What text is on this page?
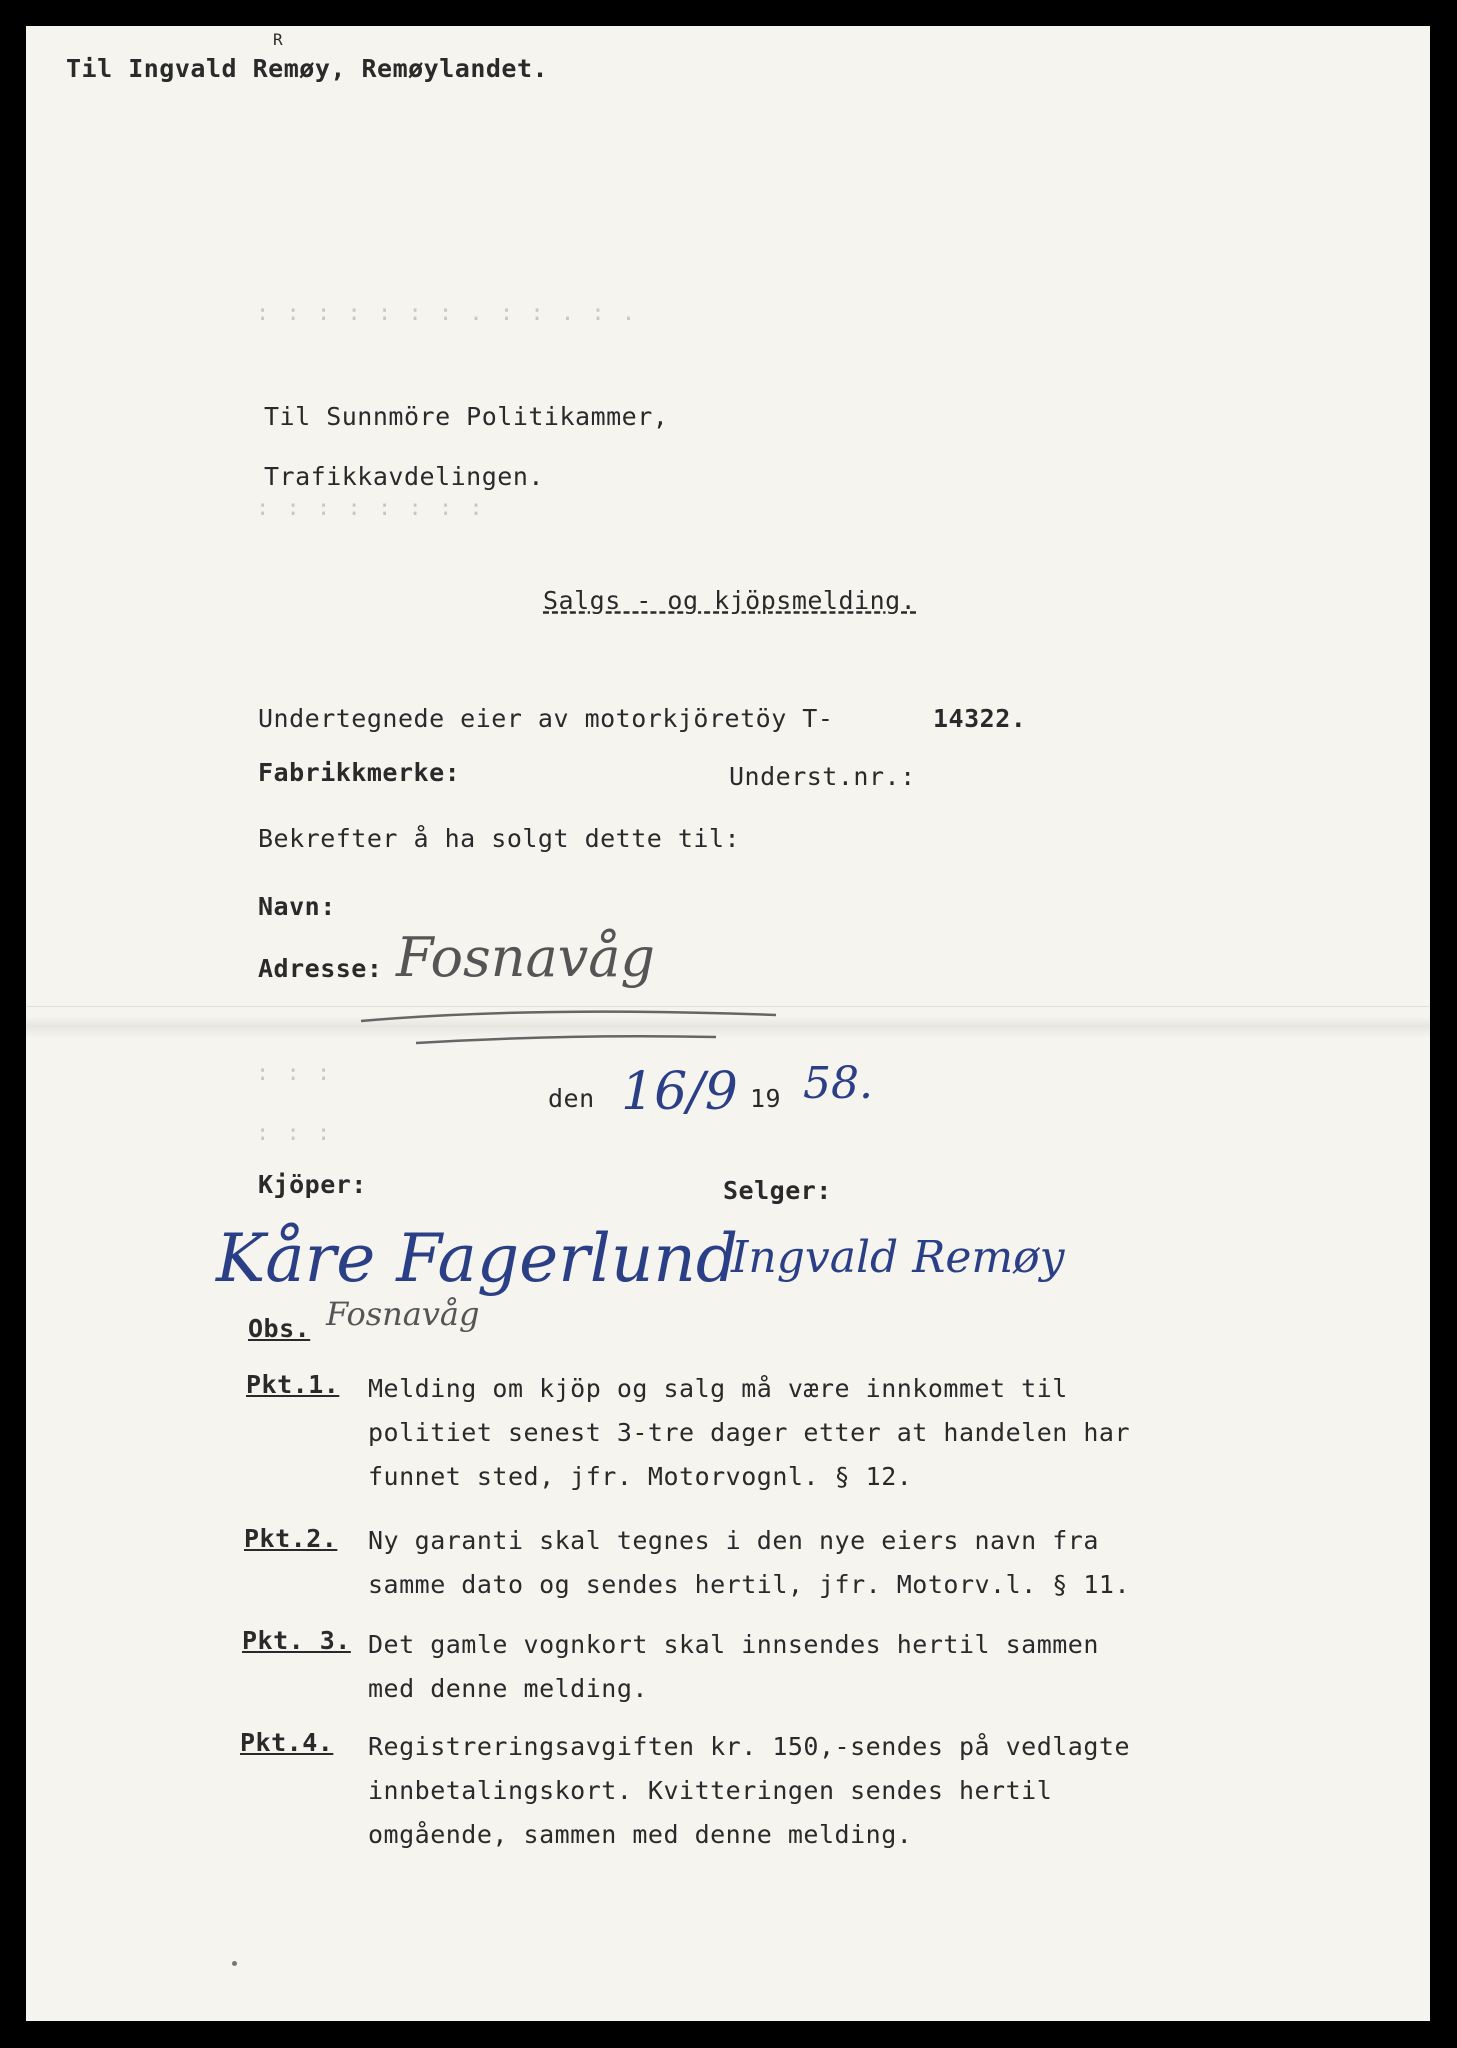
: : : : : : : . : : . : .
: : : : : : : :
: : :
: : :
Til Ingvald Remøy, Remøylandet.
R
Til Sunnmöre Politikammer,
Trafikkavdelingen.
Salgs - og kjöpsmelding.
Undertegnede eier av motorkjöretöy T-	14322.
Fabrikkmerke:	Underst.nr.:
Bekrefter å ha solgt dette til:
Navn:
Adresse: Fosnavåg
den 16/9 19 58.
Kjöper:	Selger:
Kåre Fagerlund
Fosnavåg
Ingvald Remøy
Obs.
Pkt.1. Melding om kjöp og salg må være innkommet til
politiet senest 3-tre dager etter at handelen har
funnet sted, jfr. Motorvognl. § 12.
Pkt.2. Ny garanti skal tegnes i den nye eiers navn fra
samme dato og sendes hertil, jfr. Motorv.l. § 11.
Pkt. 3. Det gamle vognkort skal innsendes hertil sammen
med denne melding.
Pkt.4. Registreringsavgiften kr. 150,-sendes på vedlagte
innbetalingskort. Kvitteringen sendes hertil
omgående, sammen med denne melding.
